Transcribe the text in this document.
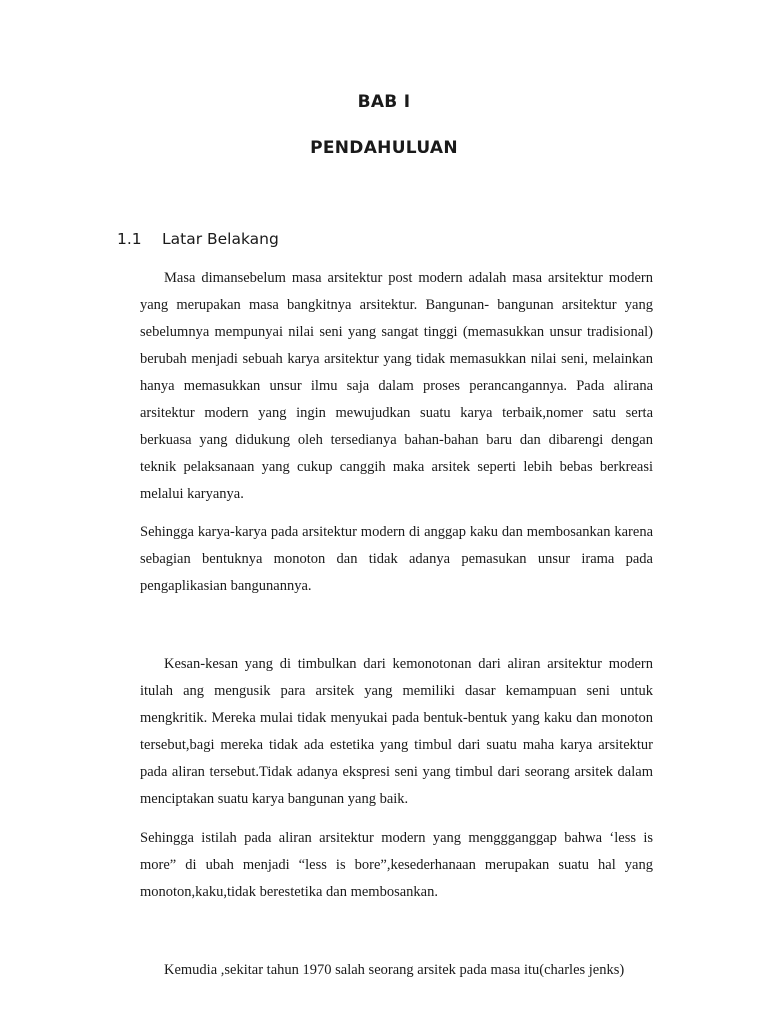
BAB I
PENDAHULUAN
1.1	Latar Belakang

Masa dimansebelum masa arsitektur post modern adalah masa arsitektur modern yang merupakan masa bangkitnya arsitektur. Bangunan- bangunan arsitektur yang sebelumnya mempunyai nilai seni yang sangat tinggi (memasukkan unsur tradisional) berubah menjadi sebuah karya arsitektur yang tidak memasukkan nilai seni, melainkan hanya memasukkan unsur ilmu saja dalam proses perancangannya. Pada alirana arsitektur modern yang ingin mewujudkan suatu karya terbaik,nomer satu serta berkuasa yang didukung oleh tersedianya bahan-bahan baru dan dibarengi dengan teknik pelaksanaan yang cukup canggih maka arsitek seperti lebih bebas berkreasi melalui karyanya.

Sehingga karya-karya pada arsitektur modern di anggap kaku dan membosankan karena sebagian bentuknya monoton dan tidak adanya pemasukan unsur irama pada pengaplikasian bangunannya.

Kesan-kesan yang di timbulkan dari kemonotonan dari aliran arsitektur modern itulah ang mengusik para arsitek yang memiliki dasar kemampuan seni untuk mengkritik. Mereka mulai tidak menyukai pada bentuk-bentuk yang kaku dan monoton tersebut,bagi mereka tidak ada estetika yang timbul dari suatu maha karya arsitektur pada aliran tersebut.Tidak adanya ekspresi seni yang timbul dari seorang arsitek dalam menciptakan suatu karya bangunan yang baik.

Sehingga istilah pada aliran arsitektur modern yang menggganggap bahwa ‘less is more” di ubah menjadi “less is bore”,kesederhanaan merupakan suatu hal yang monoton,kaku,tidak berestetika dan membosankan.

Kemudia ,sekitar tahun 1970 salah seorang arsitek pada masa itu(charles jenks)
